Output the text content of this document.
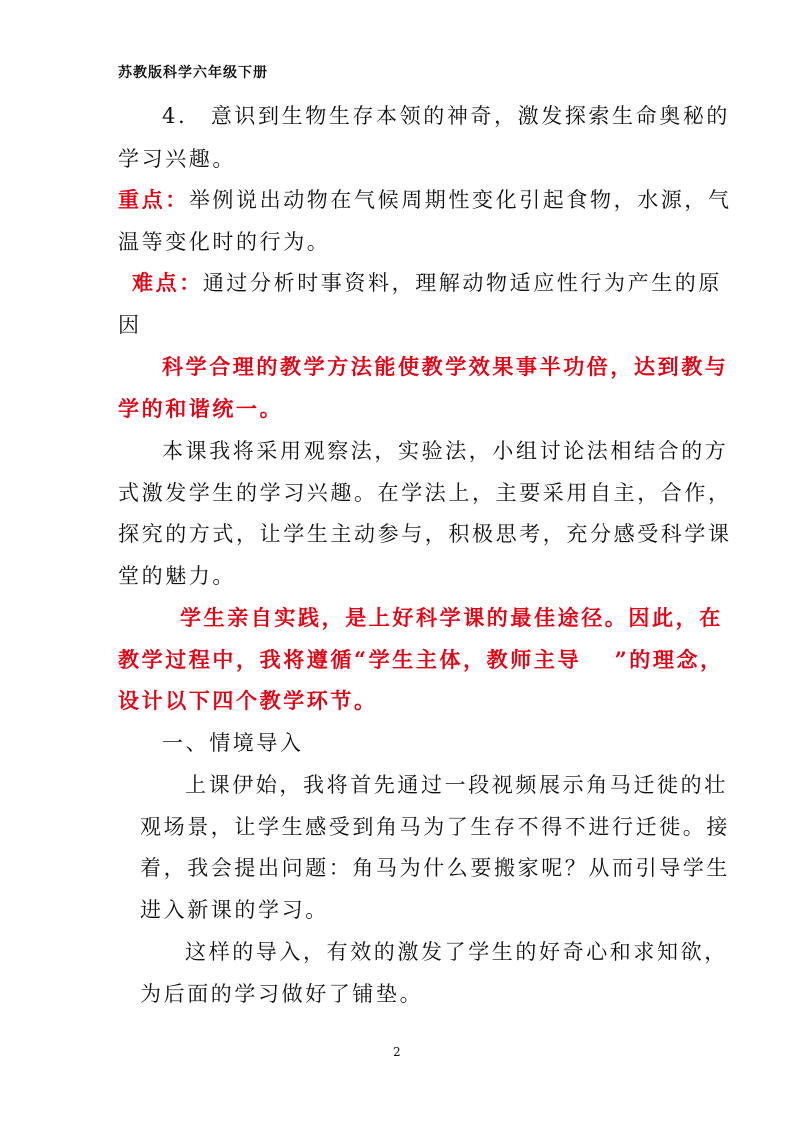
苏教版科学六年级下册
4.　意识到生物生存本领的神奇，激发探索生命奥秘的
学习兴趣。
重点：举例说出动物在气候周期性变化引起食物，水源，气
温等变化时的行为。
难点：通过分析时事资料，理解动物适应性行为产生的原
因
科学合理的教学方法能使教学效果事半功倍，达到教与
学的和谐统一。
本课我将采用观察法，实验法，小组讨论法相结合的方
式激发学生的学习兴趣。在学法上，主要采用自主，合作，
探究的方式，让学生主动参与，积极思考，充分感受科学课
堂的魅力。
学生亲自实践，是上好科学课的最佳途径。因此，在
教学过程中，我将遵循“学生主体，教师主导　 ”的理念，
设计以下四个教学环节。
一、情境导入
上课伊始，我将首先通过一段视频展示角马迁徙的壮
观场景，让学生感受到角马为了生存不得不进行迁徙。接
着，我会提出问题：角马为什么要搬家呢？从而引导学生
进入新课的学习。
这样的导入，有效的激发了学生的好奇心和求知欲，
为后面的学习做好了铺垫。
2
